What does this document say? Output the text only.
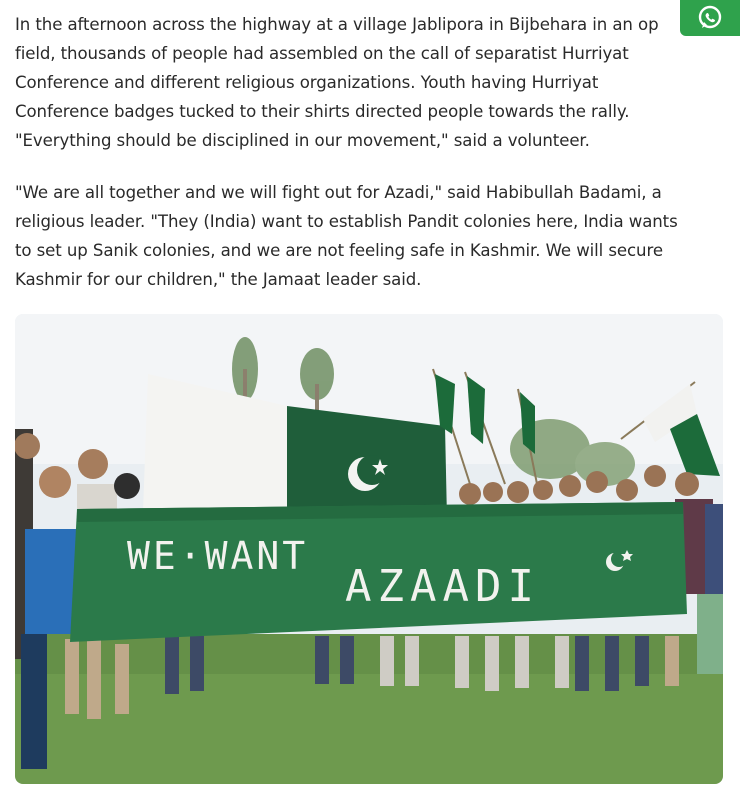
In the afternoon across the highway at a village Jablipora in Bijbehara in an op
field, thousands of people had assembled on the call of separatist Hurriyat
Conference and different religious organizations. Youth having Hurriyat
Conference badges tucked to their shirts directed people towards the rally.
"Everything should be disciplined in our movement," said a volunteer.

"We are all together and we will fight out for Azadi," said Habibullah Badami, a
religious leader. "They (India) want to establish Pandit colonies here, India wants
to set up Sanik colonies, and we are not feeling safe in Kashmir. We will secure
Kashmir for our children," the Jamaat leader said.

WE·WANT
AZAADI
